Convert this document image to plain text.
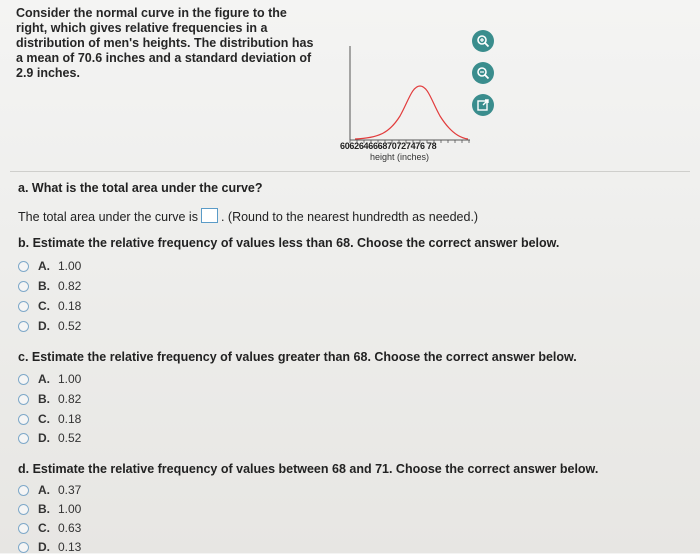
Consider the normal curve in the figure to the right, which gives relative frequencies in a distribution of men's heights. The distribution has a mean of 70.6 inches and a standard deviation of 2.9 inches.
606264666870727476 78
height (inches)
a. What is the total area under the curve?
The total area under the curve is . (Round to the nearest hundredth as needed.)
b. Estimate the relative frequency of values less than 68. Choose the correct answer below.
A. 1.00
B. 0.82
C. 0.18
D. 0.52
c. Estimate the relative frequency of values greater than 68. Choose the correct answer below.
A. 1.00
B. 0.82
C. 0.18
D. 0.52
d. Estimate the relative frequency of values between 68 and 71. Choose the correct answer below.
A. 0.37
B. 1.00
C. 0.63
D. 0.13
